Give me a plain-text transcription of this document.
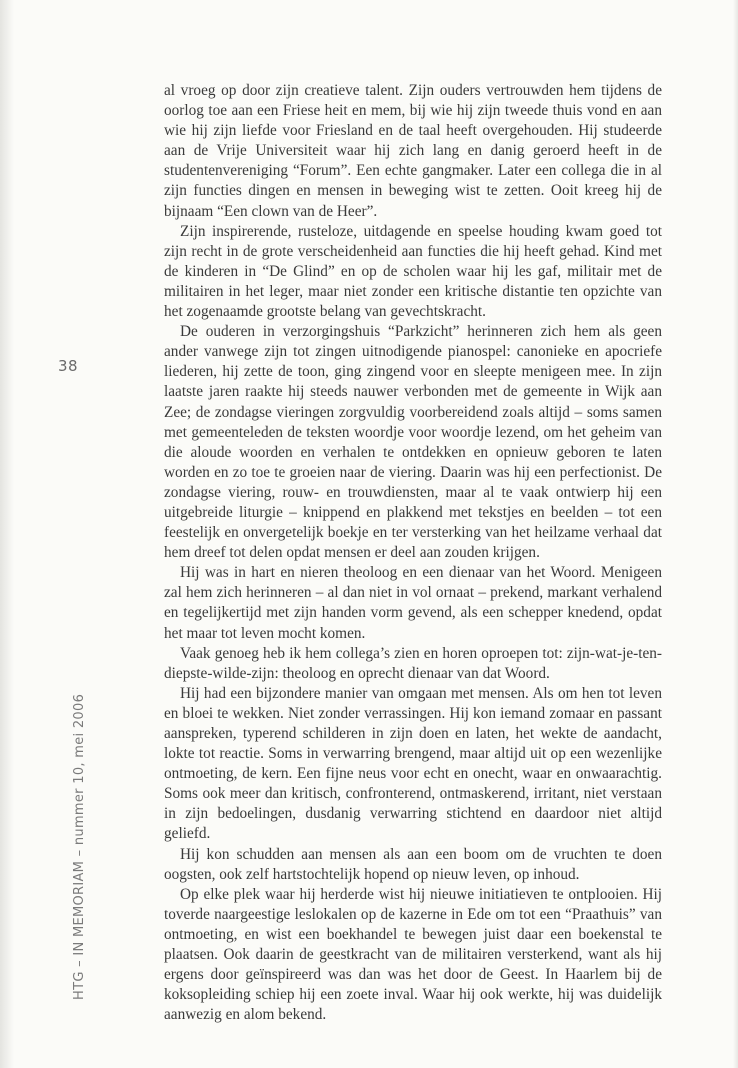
38
HTG – IN MEMORIAM – nummer 10, mei 2006

al vroeg op door zijn creatieve talent. Zijn ouders vertrouwden hem tijdens de oorlog toe aan een Friese heit en mem, bij wie hij zijn tweede thuis vond en aan wie hij zijn liefde voor Friesland en de taal heeft overgehouden. Hij studeerde aan de Vrije Universiteit waar hij zich lang en danig geroerd heeft in de studentenvereniging “Forum”. Een echte gangmaker. Later een collega die in al zijn functies dingen en mensen in beweging wist te zetten. Ooit kreeg hij de bijnaam “Een clown van de Heer”.

Zijn inspirerende, rusteloze, uitdagende en speelse houding kwam goed tot zijn recht in de grote verscheidenheid aan functies die hij heeft gehad. Kind met de kinderen in “De Glind” en op de scholen waar hij les gaf, militair met de militairen in het leger, maar niet zonder een kritische distantie ten opzichte van het zogenaamde grootste belang van gevechtskracht.

De ouderen in verzorgingshuis “Parkzicht” herinneren zich hem als geen ander vanwege zijn tot zingen uitnodigende pianospel: canonieke en apocriefe liederen, hij zette de toon, ging zingend voor en sleepte menigeen mee. In zijn laatste jaren raakte hij steeds nauwer verbonden met de gemeente in Wijk aan Zee; de zondagse vieringen zorgvuldig voorbereidend zoals altijd – soms samen met gemeenteleden de teksten woordje voor woordje lezend, om het geheim van die aloude woorden en verhalen te ontdekken en opnieuw geboren te laten worden en zo toe te groeien naar de viering. Daarin was hij een perfectionist. De zondagse viering, rouw- en trouwdiensten, maar al te vaak ontwierp hij een uitgebreide liturgie – knippend en plakkend met tekstjes en beelden – tot een feestelijk en onvergetelijk boekje en ter versterking van het heilzame verhaal dat hem dreef tot delen opdat mensen er deel aan zouden krijgen.

Hij was in hart en nieren theoloog en een dienaar van het Woord. Menigeen zal hem zich herinneren – al dan niet in vol ornaat – prekend, markant verhalend en tegelijkertijd met zijn handen vorm gevend, als een schepper knedend, opdat het maar tot leven mocht komen.

Vaak genoeg heb ik hem collega’s zien en horen oproepen tot: zijn-wat-je-ten-diepste-wilde-zijn: theoloog en oprecht dienaar van dat Woord.

Hij had een bijzondere manier van omgaan met mensen. Als om hen tot leven en bloei te wekken. Niet zonder verrassingen. Hij kon iemand zomaar en passant aanspreken, typerend schilderen in zijn doen en laten, het wekte de aandacht, lokte tot reactie. Soms in verwarring brengend, maar altijd uit op een wezenlijke ontmoeting, de kern. Een fijne neus voor echt en onecht, waar en onwaarachtig. Soms ook meer dan kritisch, confronterend, ontmaskerend, irritant, niet verstaan in zijn bedoelingen, dusdanig verwarring stichtend en daardoor niet altijd geliefd.

Hij kon schudden aan mensen als aan een boom om de vruchten te doen oogsten, ook zelf hartstochtelijk hopend op nieuw leven, op inhoud.

Op elke plek waar hij herderde wist hij nieuwe initiatieven te ontplooien. Hij toverde naargeestige leslokalen op de kazerne in Ede om tot een “Praathuis” van ontmoeting, en wist een boekhandel te bewegen juist daar een boekenstal te plaatsen. Ook daarin de geestkracht van de militairen versterkend, want als hij ergens door geïnspireerd was dan was het door de Geest. In Haarlem bij de koksopleiding schiep hij een zoete inval. Waar hij ook werkte, hij was duidelijk aanwezig en alom bekend.
